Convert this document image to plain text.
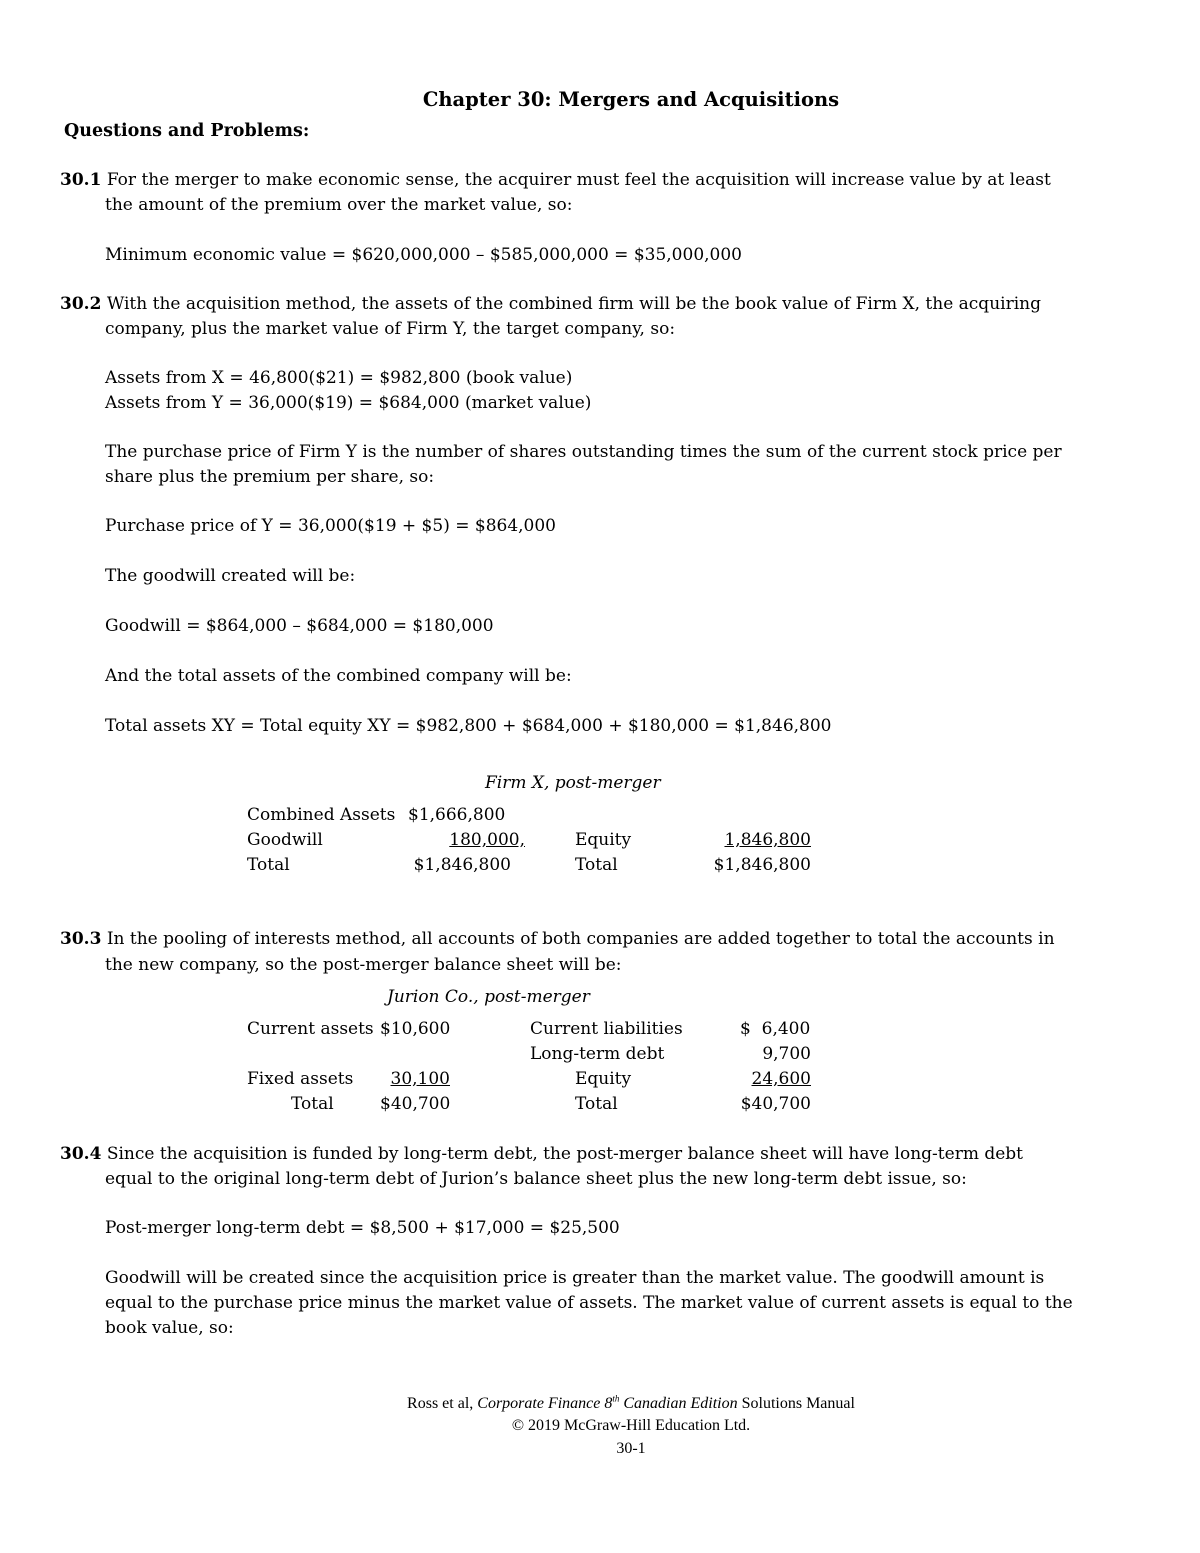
Chapter 30: Mergers and Acquisitions
Questions and Problems:
30.1 For the merger to make economic sense, the acquirer must feel the acquisition will increase value by at least
the amount of the premium over the market value, so:
Minimum economic value = $620,000,000 – $585,000,000 = $35,000,000
30.2 With the acquisition method, the assets of the combined firm will be the book value of Firm X, the acquiring
company, plus the market value of Firm Y, the target company, so:
Assets from X = 46,800($21) = $982,800 (book value)
Assets from Y = 36,000($19) = $684,000 (market value)
The purchase price of Firm Y is the number of shares outstanding times the sum of the current stock price per
share plus the premium per share, so:
Purchase price of Y = 36,000($19 + $5) = $864,000
The goodwill created will be:
Goodwill = $864,000 – $684,000 = $180,000
And the total assets of the combined company will be:
Total assets XY = Total equity XY = $982,800 + $684,000 + $180,000 = $1,846,800
Firm X, post-merger
Combined Assets $1,666,800
Goodwill	180,000,	Equity	1,846,800
Total	$1,846,800	Total	$1,846,800
30.3 In the pooling of interests method, all accounts of both companies are added together to total the accounts in
the new company, so the post-merger balance sheet will be:
Jurion Co., post-merger
Current assets $10,600	Current liabilities	$  6,400
Long-term debt	9,700
Fixed assets	30,100	Equity	24,600
Total	$40,700	Total	$40,700
30.4 Since the acquisition is funded by long-term debt, the post-merger balance sheet will have long-term debt
equal to the original long-term debt of Jurion’s balance sheet plus the new long-term debt issue, so:
Post-merger long-term debt = $8,500 + $17,000 = $25,500
Goodwill will be created since the acquisition price is greater than the market value. The goodwill amount is
equal to the purchase price minus the market value of assets. The market value of current assets is equal to the
book value, so:
Ross et al, Corporate Finance 8th Canadian Edition Solutions Manual
© 2019 McGraw-Hill Education Ltd.
30-1
